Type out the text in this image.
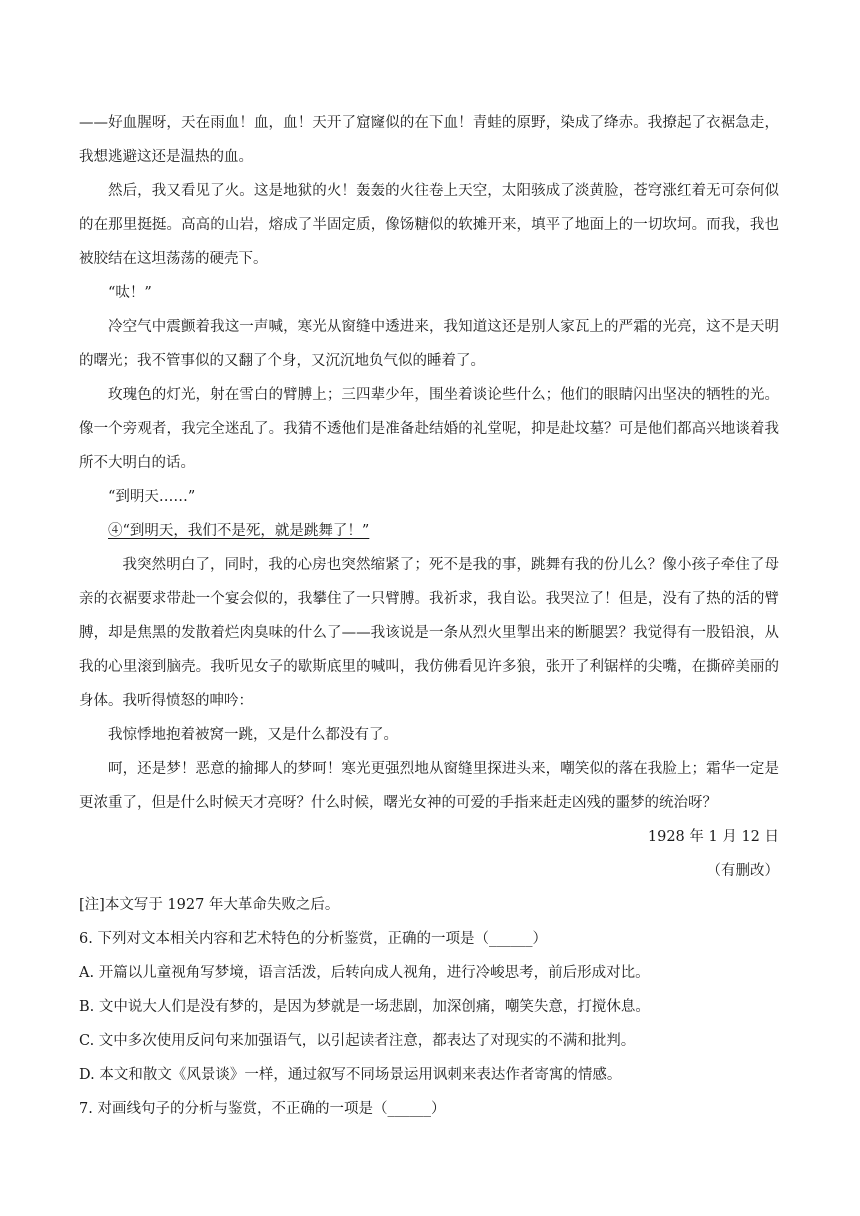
——好血腥呀，天在雨血！血，血！天开了窟窿似的在下血！青蛙的原野，染成了绛赤。我撩起了衣裾急走，我想逃避这还是温热的血。

然后，我又看见了火。这是地狱的火！轰轰的火往卷上天空，太阳骇成了淡黄脸，苍穹涨红着无可奈何似的在那里挺挺。高高的山岩，熔成了半固定质，像饧糖似的软摊开来，填平了地面上的一切坎坷。而我，我也被胶结在这坦荡荡的硬壳下。

“呔！”

冷空气中震颤着我这一声喊，寒光从窗缝中透进来，我知道这还是别人家瓦上的严霜的光亮，这不是天明的曙光；我不管事似的又翻了个身，又沉沉地负气似的睡着了。

玫瑰色的灯光，射在雪白的臂膊上；三四辈少年，围坐着谈论些什么；他们的眼睛闪出坚决的牺牲的光。像一个旁观者，我完全迷乱了。我猜不透他们是准备赴结婚的礼堂呢，抑是赴坟墓？可是他们都高兴地谈着我所不大明白的话。

“到明天……”

④“到明天，我们不是死，就是跳舞了！”

我突然明白了，同时，我的心房也突然缩紧了；死不是我的事，跳舞有我的份儿么？像小孩子牵住了母亲的衣裾要求带赴一个宴会似的，我攀住了一只臂膊。我祈求，我自讼。我哭泣了！但是，没有了热的活的臂膊，却是焦黑的发散着烂肉臭味的什么了——我该说是一条从烈火里掣出来的断腿罢？我觉得有一股铅浪，从我的心里滚到脑壳。我听见女子的歇斯底里的喊叫，我仿佛看见许多狼，张开了利锯样的尖嘴，在撕碎美丽的身体。我听得愤怒的呻吟：

我惊悸地抱着被窝一跳，又是什么都没有了。

呵，还是梦！恶意的揄揶人的梦呵！寒光更强烈地从窗缝里探进头来，嘲笑似的落在我脸上；霜华一定是更浓重了，但是什么时候天才亮呀？什么时候，曙光女神的可爱的手指来赶走凶残的噩梦的统治呀？

1928 年 1 月 12 日

（有删改）

[注]本文写于 1927 年大革命失败之后。

6. 下列对文本相关内容和艺术特色的分析鉴赏，正确的一项是（______）

A. 开篇以儿童视角写梦境，语言活泼，后转向成人视角，进行冷峻思考，前后形成对比。

B. 文中说大人们是没有梦的，是因为梦就是一场悲剧，加深创痛，嘲笑失意，打搅休息。

C. 文中多次使用反问句来加强语气，以引起读者注意，都表达了对现实的不满和批判。

D. 本文和散文《风景谈》一样，通过叙写不同场景运用讽刺来表达作者寄寓的情感。

7. 对画线句子的分析与鉴赏，不正确的一项是（______）
